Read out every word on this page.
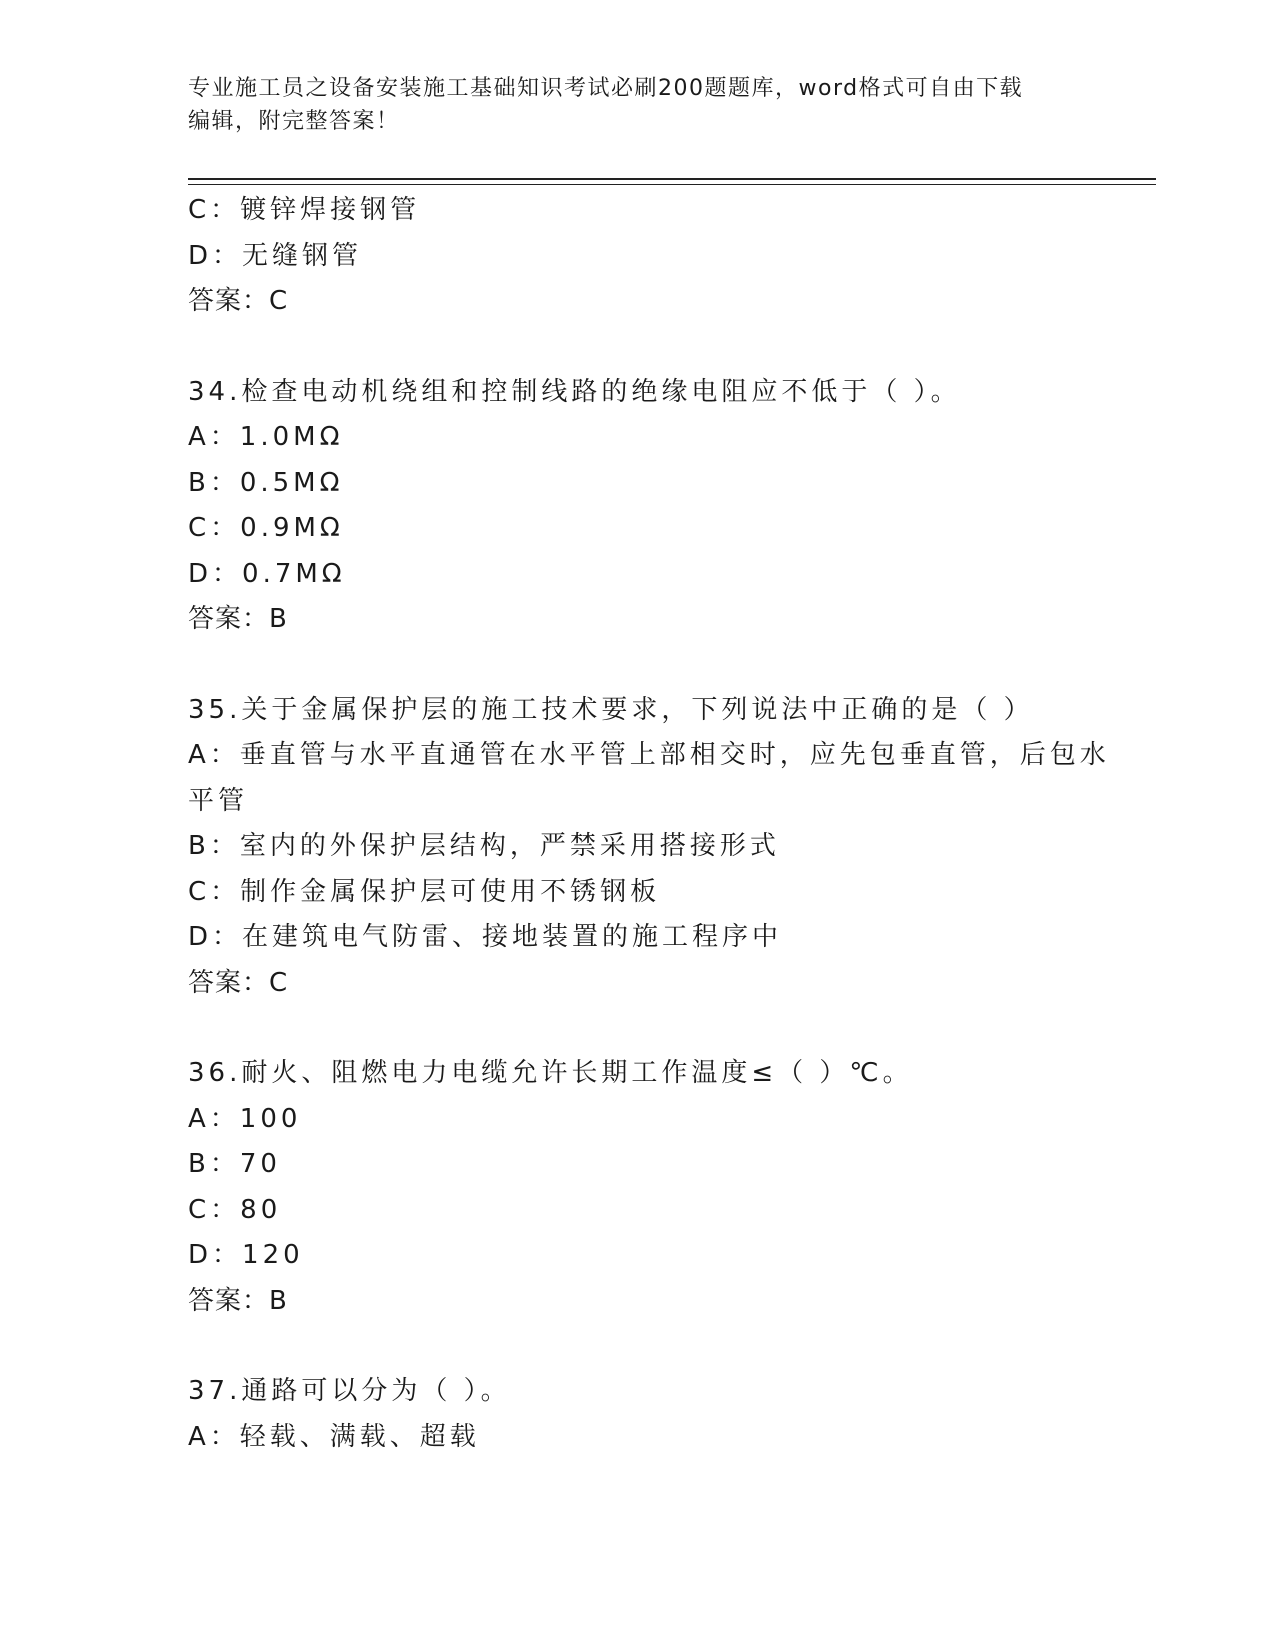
专业施工员之设备安装施工基础知识考试必刷200题题库，word格式可自由下载
编辑，附完整答案！
C：镀锌焊接钢管
D：无缝钢管
答案：C
34.检查电动机绕组和控制线路的绝缘电阻应不低于（ ）。
A：1.0MΩ
B：0.5MΩ
C：0.9MΩ
D：0.7MΩ
答案：B
35.关于金属保护层的施工技术要求，下列说法中正确的是（ ）
A：垂直管与水平直通管在水平管上部相交时，应先包垂直管，后包水
平管
B：室内的外保护层结构，严禁采用搭接形式
C：制作金属保护层可使用不锈钢板
D：在建筑电气防雷、接地装置的施工程序中
答案：C
36.耐火、阻燃电力电缆允许长期工作温度≤（ ）℃。
A：100
B：70
C：80
D：120
答案：B
37.通路可以分为（ ）。
A：轻载、满载、超载
